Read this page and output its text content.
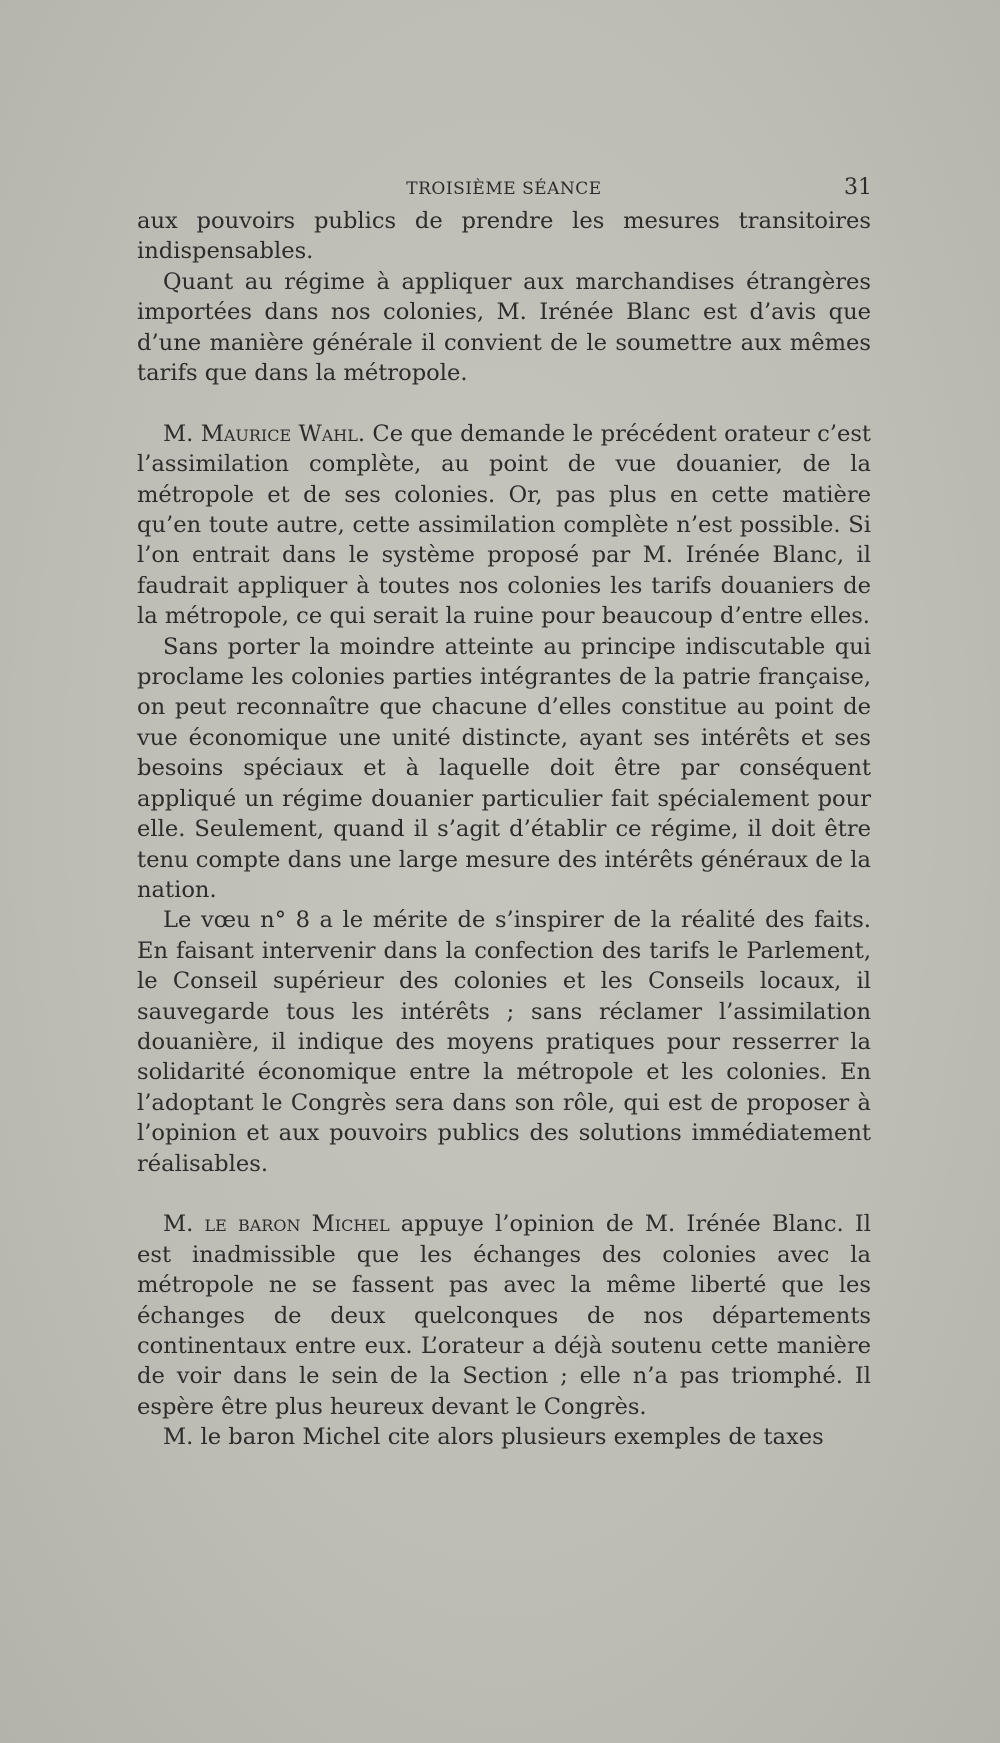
TROISIÈME SÉANCE	31

aux pouvoirs publics de prendre les mesures transitoires indispensables.

Quant au régime à appliquer aux marchandises étrangères importées dans nos colonies, M. Irénée Blanc est d’avis que d’une manière générale il convient de le soumettre aux mêmes tarifs que dans la métropole.

M. Maurice Wahl. Ce que demande le précédent orateur c’est l’assimilation complète, au point de vue douanier, de la métropole et de ses colonies. Or, pas plus en cette matière qu’en toute autre, cette assimilation complète n’est possible. Si l’on entrait dans le système proposé par M. Irénée Blanc, il faudrait appliquer à toutes nos colonies les tarifs douaniers de la métropole, ce qui serait la ruine pour beaucoup d’entre elles.

Sans porter la moindre atteinte au principe indiscutable qui proclame les colonies parties intégrantes de la patrie française, on peut reconnaître que chacune d’elles constitue au point de vue économique une unité distincte, ayant ses intérêts et ses besoins spéciaux et à laquelle doit être par conséquent appliqué un régime douanier particulier fait spécialement pour elle. Seulement, quand il s’agit d’établir ce régime, il doit être tenu compte dans une large mesure des intérêts généraux de la nation.

Le vœu n° 8 a le mérite de s’inspirer de la réalité des faits. En faisant intervenir dans la confection des tarifs le Parlement, le Conseil supérieur des colonies et les Conseils locaux, il sauvegarde tous les intérêts ; sans réclamer l’assimilation douanière, il indique des moyens pratiques pour resserrer la solidarité économique entre la métropole et les colonies. En l’adoptant le Congrès sera dans son rôle, qui est de proposer à l’opinion et aux pouvoirs publics des solutions immédiatement réalisables.

M. le baron Michel appuye l’opinion de M. Irénée Blanc. Il est inadmissible que les échanges des colonies avec la métropole ne se fassent pas avec la même liberté que les échanges de deux quelconques de nos départements continentaux entre eux. L’orateur a déjà soutenu cette manière de voir dans le sein de la Section ; elle n’a pas triomphé. Il espère être plus heureux devant le Congrès.

M. le baron Michel cite alors plusieurs exemples de taxes
